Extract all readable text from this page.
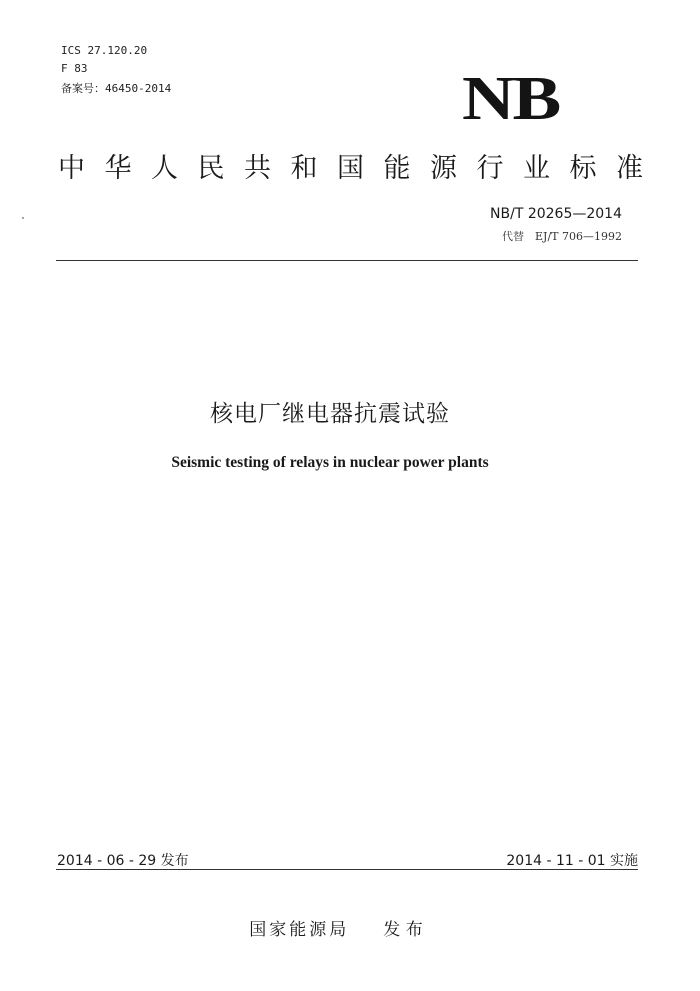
ICS 27.120.20
F 83
备案号：46450-2014	NB
中华人民共和国能源行业标准
NB/T 20265—2014
代替　EJ/T 706—1992
核电厂继电器抗震试验
Seismic testing of relays in nuclear power plants
2014 - 06 - 29 发布	2014 - 11 - 01 实施
国家能源局 发 布
